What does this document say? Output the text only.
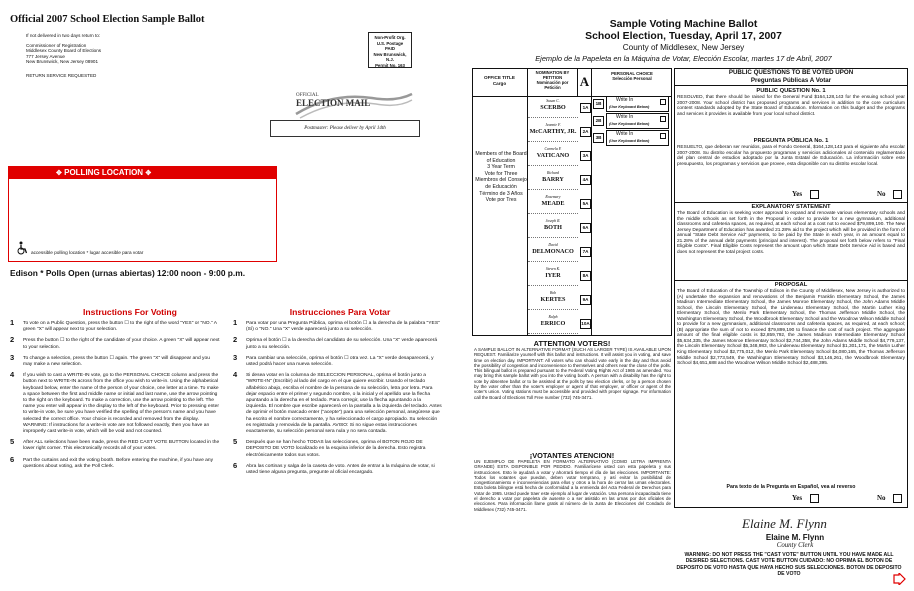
Official 2007 School Election Sample Ballot
If not delivered in two days return to:
Commissioner of Registration
Middlesex County Board of Elections
777 Jersey Avenue
New Brunswick, New Jersey 08901
RETURN SERVICE REQUESTED
Non-Profit Org.
U.S. Postage
PAID
New Brunswick, N.J.
Permit No. 163
OFFICIAL
ELECTION MAIL
Postmaster: Please deliver by April 14th
✥ POLLING LOCATION ✥
accessible polling location * lugar accesible para votar
Edison * Polls Open (urnas abiertas) 12:00 noon - 9:00 p.m.
Instructions For Voting	Instrucciones Para Votar
1 To vote on a Public Question, press the button ☐ to the right of the word "YES" or "NO." A green "X" will appear next to your selection.
2 Press the button ☐ to the right of the candidate of your choice. A green "X" will appear next to your selection.
3 To change a selection, press the button ☐ again. The green "X" will disappear and you may make a new selection.
4 If you wish to cast a WRITE-IN vote, go to the PERSONAL CHOICE column and press the button next to WRITE-IN across from the office you wish to write-in. Using the alphabetical keyboard below, enter the name of the person of your choice, one letter at a time. To make a space between the first and middle name or initial and last name, use the arrow pointing to the right on the keyboard. To make a correction, use the arrow pointing to the left. The name you enter will appear in the display to the left of the keyboard. Prior to pressing enter to write-in vote, be sure you have verified the spelling of the person's name and you have selected the correct office. Your choice is recorded and removed from the display. WARNING: If instructions for a write-in vote are not followed exactly, then you have an improperly cast write-in vote, which will be void and not counted.
5 After ALL selections have been made, press the RED CAST VOTE BUTTON located in the lower right corner. This electronically records all of your votes.
6 Part the curtains and exit the voting booth. Before entering the machine, if you have any questions about voting, ask the Poll Clerk.
1 Para votar por una Pregunta Pública, oprima el botón ☐ a la derecha de la palabra "YES" (Sí) o "NO." Una "X" verde aparecerá junto a su selección.
2 Oprima el botón ☐ a la derecha del candidato de su selección. Una "X" verde aparecerá junto a su selección.
3 Para cambiar una selección, oprima el botón ☐ otra vez. La "X" verde desaparecerá, y usted podrá hacer una nueva selección.
4 Si desea votar en la columna de SELECCION PERSONAL, oprima el botón junto a "WRITE-IN" (Escribir) al lado del cargo en el que quiere escribir. Usando el teclado alfabético abajo, escriba el nombre de la persona de su selección, letra por letra. Para dejar espacio entre el primer y segundo nombre, o la inicial y el apellido use la flecha apuntando a la derecha en el teclado. Para corregir, use la flecha apuntando a la izquierda. El nombre que escribe aparecerá en la pantalla a la izquierda del teclado. Antes de oprimir el botón marcado enter ("acepte") para una selección personal, asegúrese que ha escrito el nombre correctamente, y ha seleccionado el cargo apropiado. Su selección es registrada y removida de la pantalla. AVISO: Si no sigue estas instrucciones exactamente, su selección personal sera nula y no sera contada.
5 Después que se han hecho TODAS las selecciones, oprima el BOTON ROJO DE DEPOSITO DE VOTO localizado en la esquina inferior de la derecha. Esto registra electrónicamente todos sus votos.
6 Abra las cortinas y salga de la caseta de voto. Antes de entrar a la máquina de votar, si usted tiene alguna pregunta, pregunte al oficial encargado.
Sample Voting Machine Ballot
School Election, Tuesday, April 17, 2007
County of Middlesex, New Jersey
Ejemplo de la Papeleta en la Máquina de Votar, Elección Escolar, martes 17 de Abril, 2007
OFFICE TITLE
Cargo
NOMINATION BY PETITION
Nominación por Petición	A
PERSONAL CHOICE
Selección Personal
Members of the Board of Education
3 Year Term
Vote for Three
Miembros del Consejo de Educación
Término de 3 Años
Vote por Tres
Susan C.
SCERBO	1A
Jeannie F.
McCARTHY, JR.	2A
Carmela F.
VATICANO	3A
Richard
BARRY	4A
Rosemary
MEADE	5A
Joseph R.
BOTH	6A
David
DELMONACO	7A
Steven K.
IYER	8A
Bob
KERTES	9A
Ralph
ERRICO	10A
1B
Write In
(Use Keyboard Below)
2B
Write In
(Use Keyboard Below)
3B
Write In
(Use Keyboard Below)
ATTENTION VOTERS!
A SAMPLE BALLOT IN ALTERNATIVE FORMAT (SUCH AS LARGER TYPE) IS AVAILABLE UPON REQUEST. Familiarize yourself with this ballot and instructions. It will assist you in voting, and save time on election day. IMPORTANT: All voters who can should vote early in the day and thus avoid the possibility of congestion and inconvenience to themselves and others near the close of the polls. This bilingual ballot is prepared pursuant to the Federal Voting Rights Act of 1965 as amended. You may bring this sample ballot with you into the voting booth. A person with a disability has the right to vote by absentee ballot or to be assisted at the polls by two election clerks, or by a person chosen by the voter other than the voter's employer or agent of that employer, or officer or agent of the voter's union. Voting stations must be accessible and provided with proper signage. For information call the Board of Elections Toll Free number (732) 745-3471.
¡VOTANTES ATENCION!
UN EJEMPLO DE PAPELETA EN FORMATO ALTERNATIVO (COMO LETRA IMPRENTA GRANDE) ESTA DISPONIBLE POR PEDIDO. Familiarícese usted con esta papeleta y sus instrucciones. Esto le ayudará a votar y ahorrará tiempo el día de las elecciones. IMPORTANTE: Todos los votantes que puedan, deben votar temprano, y así evitar la posibilidad de congestionamiento e inconveniencias para ellos y otros a la hora de cerrar las urnas electorales. Esta boleta bilingüe está hecha de conformidad a la enmienda del Acta Federal de Derechos para Votar de 1965. Usted puede traer este ejemplo al lugar de votación. Una persona incapacitada tiene el derecho a votar por papeleta de ausente o a ser asistido en las urnas por dos oficiales de elecciones. Para información llame gratis al número de la Junta de Elecciones del Condado de Middlesex (732) 745-3471.
PUBLIC QUESTIONS TO BE VOTED UPON
Preguntas Públicas A Votar
PUBLIC QUESTION No. 1
RESOLVED, that there should be raised for the General Fund $164,128,143 for the ensuing school year 2007-2008. Your school district has proposed programs and services in addition to the core curriculum content standards adopted by the State Board of Education. Information on this budget and the programs and services it provides is available from your local school district.
PREGUNTA PÚBLICA No. 1
RESUELTO, que deberan ser reunidos, para el Fondo General, $164,128,143 para el siguiente año escolar 2007-2008. Su distrito escolar ha propuesto programas y servicios adicionales al contenido reglamentario del plan central de estudios adoptado por la Junta Estatal de Educación. La información sobre este presupuesto, los programas y servicios que provee, esta disponible con su distrito escolar local.
Yes	No
EXPLANATORY STATEMENT
The Board of Education is seeking voter approval to expand and renovate various elementary schools and the middle schools as set forth in the Proposal in order to provide for a new gymnasium, additional classrooms and cafeteria spaces, as required, at each school at a cost not to exceed $79,899,190. The New Jersey Department of Education has awarded 21.28% aid to the project which will be provided in the form of annual "State Debt Service Aid" payments, to be paid by the State in each year, in an amount equal to 21.28% of the annual debt payments (principal and interest). The proposal set forth below refers to "Final Eligible Costs". Final Eligible Costs represent the amount upon which State Debt Service Aid is based and does not represent the total project costs.
PROPOSAL
The Board of Education of the Township of Edison in the County of Middlesex, New Jersey is authorized to (A) undertake the expansion and renovations of the Benjamin Franklin Elementary School, the James Madison Intermediate Elementary School, the James Monroe Elementary School, the John Adams Middle School, the Lincoln Elementary School, the Lindeneau Elementary School, the Martin Luther King Elementary School, the Menlo Park Elementary School, the Thomas Jefferson Middle School, the Washington Elementary School, the Woodbrook Elementary School and the Woodrow Wilson Middle School to provide for a new gymnasium, additional classrooms and cafeteria spaces, as required, at each school; (B) appropriate the sum of not to exceed $79,899,190 to finance the cost of such project. The aggregate amount of the final eligible costs is $2,859,792, the James Madison Intermediate Elementary School $5,634,335, the James Monroe Elementary School $2,744,358, the John Adams Middle School $4,779,137, the Lincoln Elementary School $5,348,983, the Lindeneau Elementary School $1,301,171, the Martin Luther King Elementary School $2,775,012, the Menlo Park Elementary School $4,080,165, the Thomas Jefferson Middle School $2,773,549, the Washington Elementary School $3,146,261, the Woodbrook Elementary School $4,651,688 and the Woodrow Wilson Middle School $2,488,395.
Para texto de la Pregunta en Español, vea al reverso
Yes	No
Elaine M. Flynn
Elaine M. Flynn
County Clerk
WARNING: DO NOT PRESS THE "CAST VOTE" BUTTON UNTIL YOU HAVE MADE ALL DESIRED SELECTIONS. CAST VOTE BUTTON CUIDADO: NO OPRIMA EL BOTON DE DEPOSITO DE VOTO HASTA QUE HAYA HECHO SUS SELECCIONES. BOTON DE DEPOSITO DE VOTO
